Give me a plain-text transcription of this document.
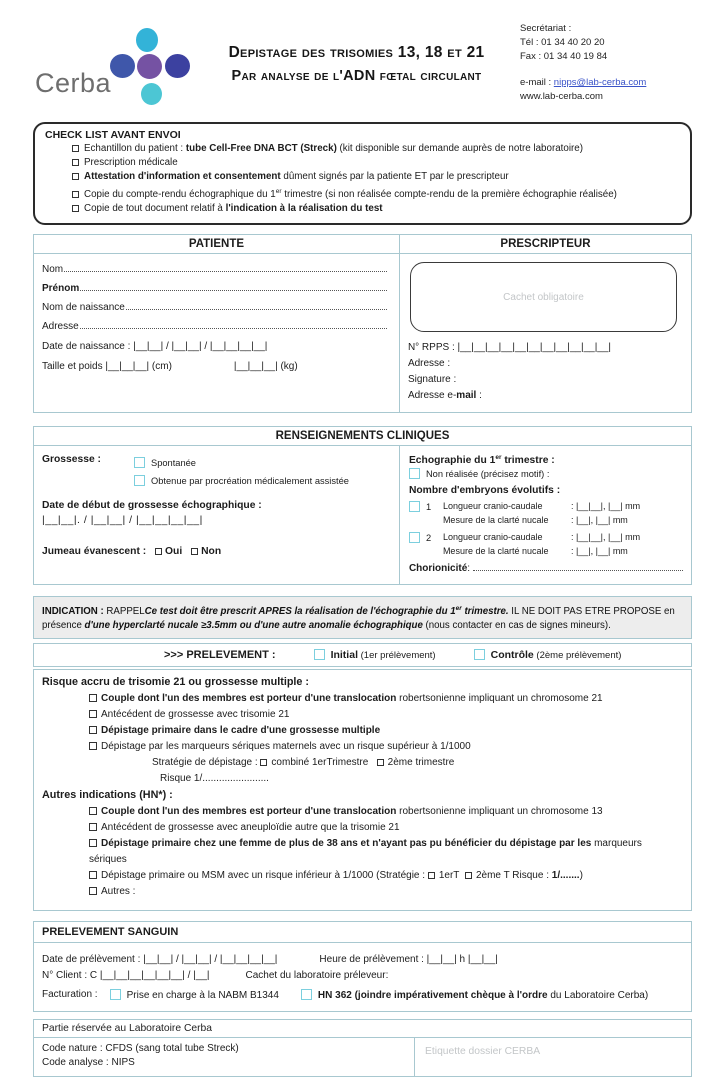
Cerba
Depistage des trisomies 13, 18 et 21
Par analyse de l'ADN fœtal circulant
Secrétariat :
Tél : 01 34 40 20 20
Fax : 01 34 40 19 84
e-mail : nipps@lab-cerba.com
www.lab-cerba.com
CHECK LIST AVANT ENVOI
Echantillon du patient : tube Cell-Free DNA BCT (Streck) (kit disponible sur demande auprès de notre laboratoire)
Prescription médicale
Attestation d'information et consentement dûment signés par la patiente ET par le prescripteur
Copie du compte-rendu échographique du 1er trimestre (si non réalisée compte-rendu de la première échographie réalisée)
Copie de tout document relatif à l'indication à la réalisation du test
PATIENTE
Nom
Prénom
Nom de naissance
Adresse
Date de naissance : |__|__| / |__|__| / |__|__|__|__|
Taille et poids |__|__|__| (cm)	|__|__|__| (kg)
PRESCRIPTEUR
Cachet obligatoire
N° RPPS : |__|__|__|__|__|__|__|__|__|__|__|
Adresse :
Signature :
Adresse e-mail :
RENSEIGNEMENTS CLINIQUES
Grossesse :	Spontanée
Obtenue par procréation médicalement assistée
Date de début de grossesse échographique :
|__|__|. / |__|__| / |__|__|__|__|
Jumeau évanescent : Oui Non
Echographie du 1er trimestre :
Non réalisée (précisez motif) :
Nombre d'embryons évolutifs :
1	Longueur cranio-caudale	: |__|__|, |__| mm
Mesure de la clarté nucale	: |__|, |__| mm
2	Longueur cranio-caudale	: |__|__|, |__| mm
Mesure de la clarté nucale	: |__|, |__| mm
Chorionicité :
INDICATION : RAPPELCe test doit être prescrit APRES la réalisation de l'échographie du 1er trimestre. IL NE DOIT PAS ETRE PROPOSE en présence d'une hyperclarté nucale ≥3.5mm ou d'une autre anomalie échographique (nous contacter en cas de signes mineurs).
>>> PRELEVEMENT :	Initial (1er prélèvement)	Contrôle (2ème prélèvement)
Risque accru de trisomie 21 ou grossesse multiple :
Couple dont l'un des membres est porteur d'une translocation robertsonienne impliquant un chromosome 21
Antécédent de grossesse avec trisomie 21
Dépistage primaire dans le cadre d'une grossesse multiple
Dépistage par les marqueurs sériques maternels avec un risque supérieur à 1/1000
Stratégie de dépistage : combiné 1erTrimestre 2ème trimestre
Risque 1/........................
Autres indications (HN*) :
Couple dont l'un des membres est porteur d'une translocation robertsonienne impliquant un chromosome 13
Antécédent de grossesse avec aneuploïdie autre que la trisomie 21
Dépistage primaire chez une femme de plus de 38 ans et n'ayant pas pu bénéficier du dépistage par les marqueurs sériques
Dépistage primaire ou MSM avec un risque inférieur à 1/1000 (Stratégie : 1erT 2ème T Risque : 1/.......)
Autres :
PRELEVEMENT SANGUIN
Date de prélèvement : |__|__| / |__|__| / |__|__|__|__|	Heure de prélèvement : |__|__| h |__|__|
N° Client : C |__|__|__|__|__|__| / |__|	Cachet du laboratoire préleveur:
Facturation :	Prise en charge à la NABM B1344	HN 362 (joindre impérativement chèque à l'ordre du Laboratoire Cerba)
Partie réservée au Laboratoire Cerba
Code nature : CFDS (sang total tube Streck)
Code analyse : NIPS
Etiquette dossier CERBA
